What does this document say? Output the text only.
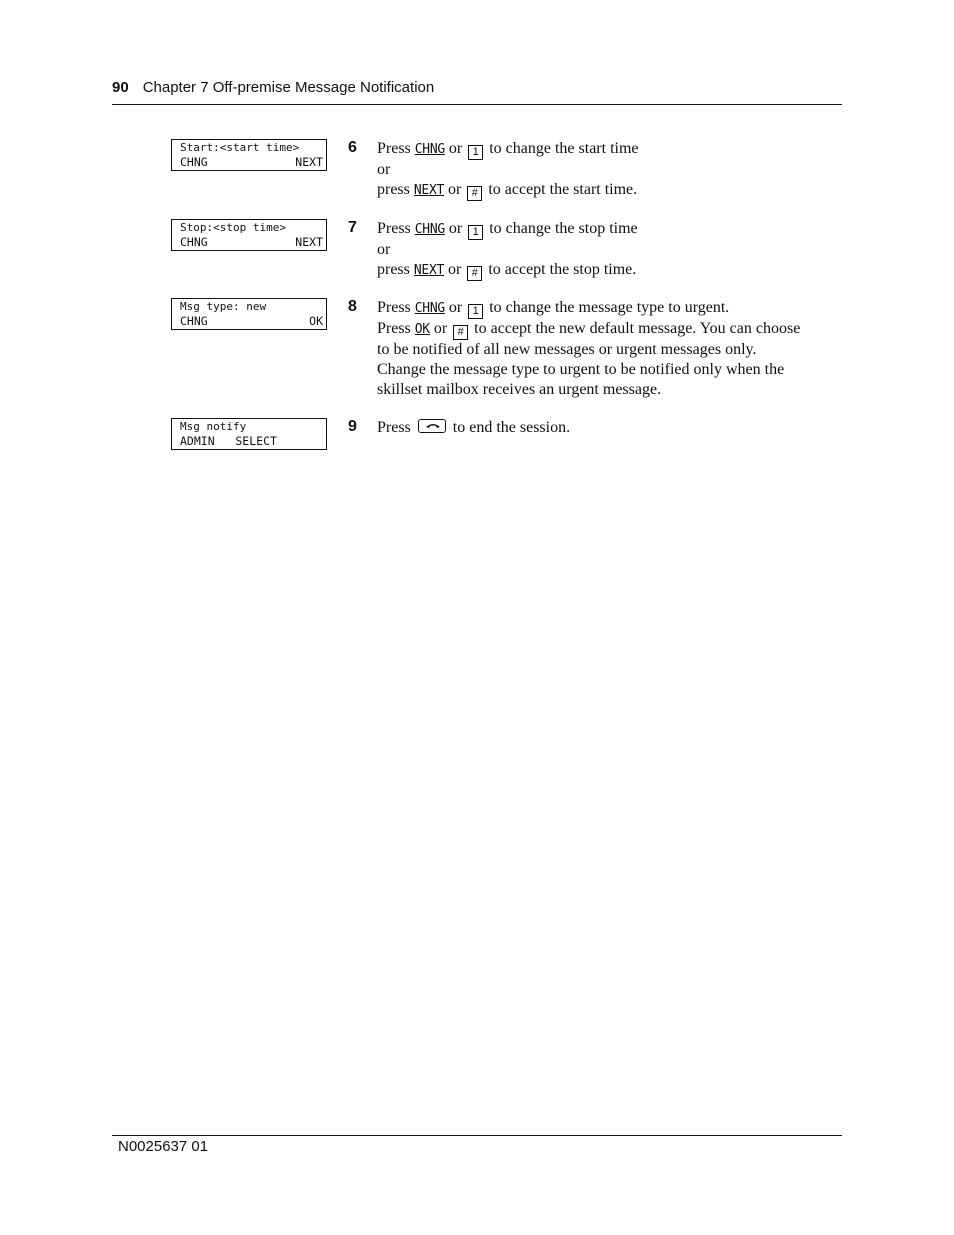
90 Chapter 7 Off-premise Message Notification
Start:<start time>
CHNG	NEXT
6 Press CHNG or 1 to change the start time
or
press NEXT or # to accept the start time.
Stop:<stop time>
CHNG	NEXT
7 Press CHNG or 1 to change the stop time
or
press NEXT or # to accept the stop time.
Msg type: new
CHNG	OK
8 Press CHNG or 1 to change the message type to urgent.
Press OK or # to accept the new default message. You can choose
to be notified of all new messages or urgent messages only.
Change the message type to urgent to be notified only when the
skillset mailbox receives an urgent message.
Msg notify
ADMIN   SELECT
9 Press	to end the session.
N0025637 01
